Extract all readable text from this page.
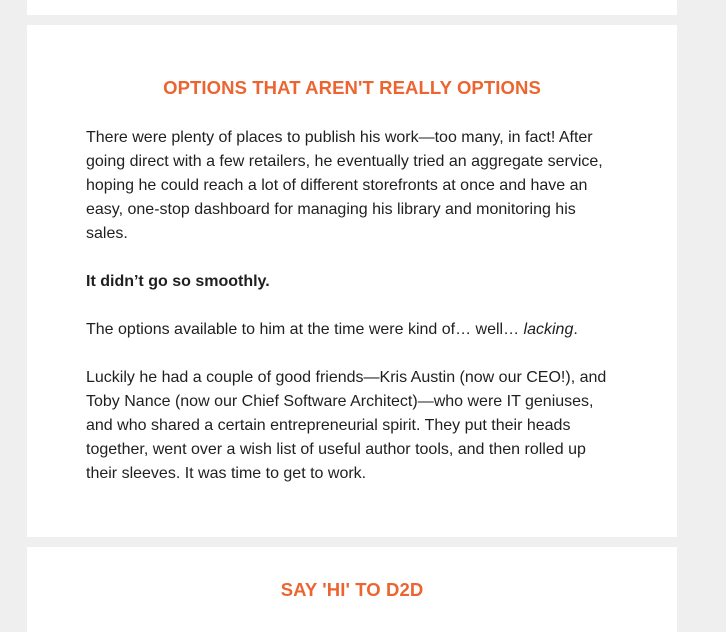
OPTIONS THAT AREN'T REALLY OPTIONS

There were plenty of places to publish his work—too many, in fact! After going direct with a few retailers, he eventually tried an aggregate service, hoping he could reach a lot of different storefronts at once and have an easy, one-stop dashboard for managing his library and monitoring his sales.

It didn’t go so smoothly.

The options available to him at the time were kind of… well… lacking.

Luckily he had a couple of good friends—Kris Austin (now our CEO!), and Toby Nance (now our Chief Software Architect)—who were IT geniuses, and who shared a certain entrepreneurial spirit. They put their heads together, went over a wish list of useful author tools, and then rolled up their sleeves. It was time to get to work.

SAY 'HI' TO D2D
